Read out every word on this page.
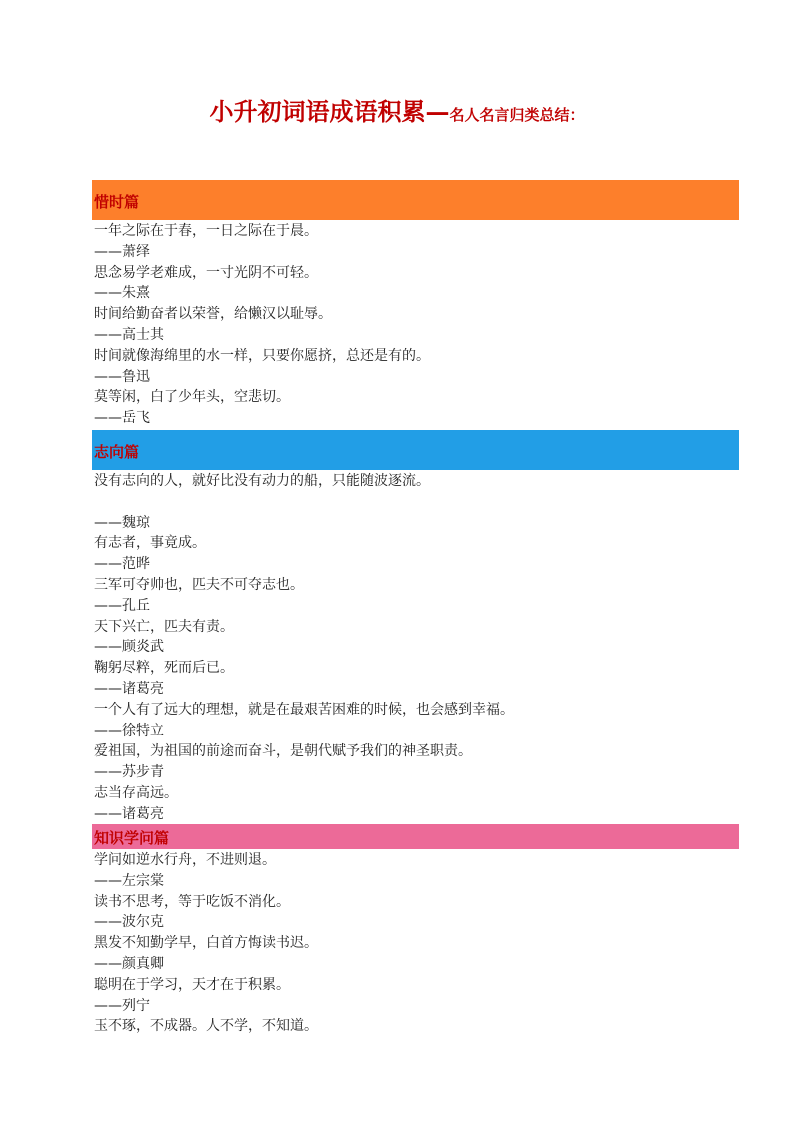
小升初词语成语积累—名人名言归类总结：
惜时篇
一年之际在于春，一日之际在于晨。
——萧绎
思念易学老难成，一寸光阴不可轻。
——朱熹
时间给勤奋者以荣誉，给懒汉以耻辱。
——高士其
时间就像海绵里的水一样，只要你愿挤，总还是有的。
——鲁迅
莫等闲，白了少年头，空悲切。
——岳飞
志向篇
没有志向的人，就好比没有动力的船，只能随波逐流。
——魏琼
有志者，事竟成。
——范晔
三军可夺帅也，匹夫不可夺志也。
——孔丘
天下兴亡，匹夫有责。
——顾炎武
鞠躬尽粹，死而后已。
——诸葛亮
一个人有了远大的理想，就是在最艰苦困难的时候，也会感到幸福。
——徐特立
爱祖国，为祖国的前途而奋斗，是朝代赋予我们的神圣职责。
——苏步青
志当存高远。
——诸葛亮
知识学问篇
学问如逆水行舟，不进则退。
——左宗棠
读书不思考，等于吃饭不消化。
——波尔克
黑发不知勤学早，白首方悔读书迟。
——颜真卿
聪明在于学习，天才在于积累。
——列宁
玉不琢，不成器。人不学，不知道。
